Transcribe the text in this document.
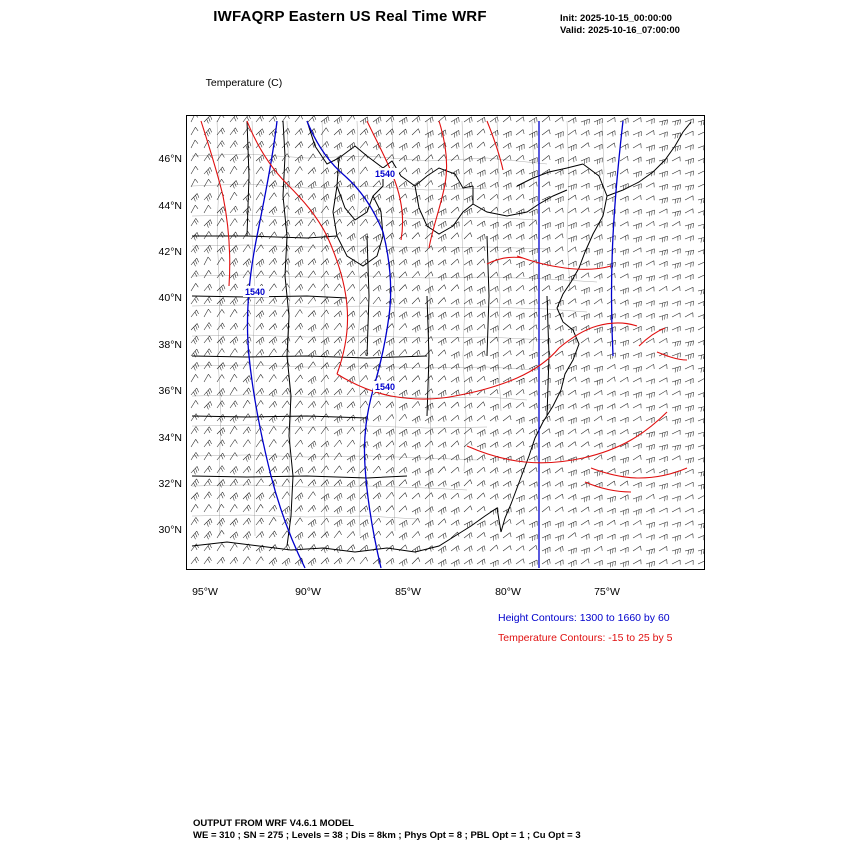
IWFAQRP Eastern US Real Time WRF	Init: 2025-10-15_00:00:00
Valid: 2025-10-16_07:00:00

Temperature (C)

46°N
44°N
42°N
40°N
38°N
36°N
34°N
32°N
30°N
95°W	90°W	85°W	80°W	75°W
1540
1540
1540
Height Contours: 1300 to 1660 by 60
Temperature Contours: -15 to 25 by 5
OUTPUT FROM WRF V4.6.1 MODEL
WE = 310 ; SN = 275 ; Levels = 38 ; Dis = 8km ; Phys Opt = 8 ; PBL Opt = 1 ; Cu Opt = 3
